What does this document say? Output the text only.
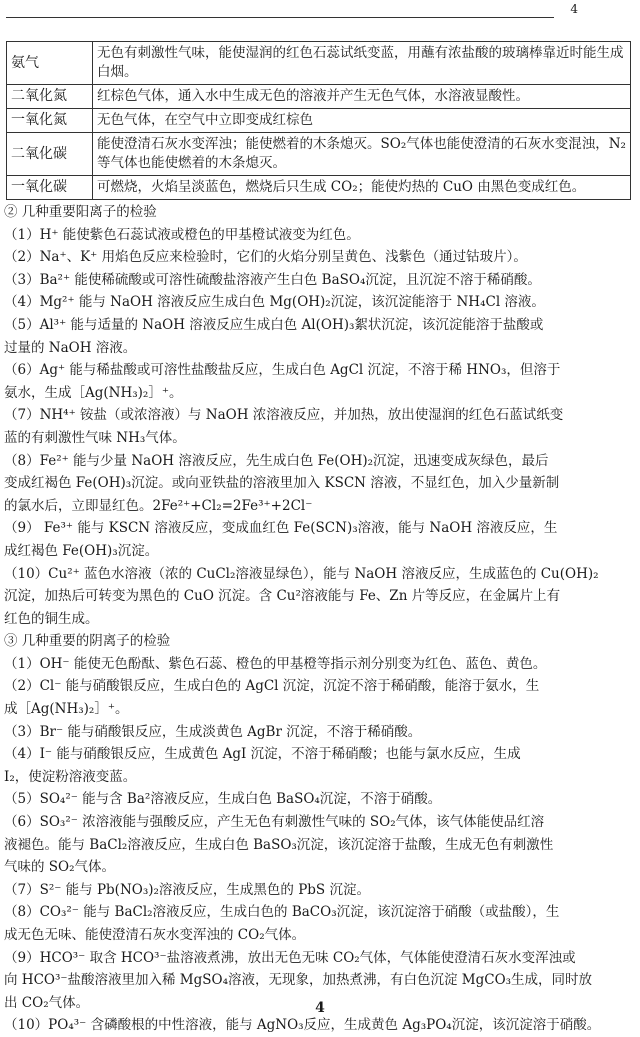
4
氨气	无色有刺激性气味，能使湿润的红色石蕊试纸变蓝，用蘸有浓盐酸的玻璃棒靠近时能生成白烟。
二氧化氮	红棕色气体，通入水中生成无色的溶液并产生无色气体，水溶液显酸性。
一氧化氮	无色气体，在空气中立即变成红棕色
二氧化碳	能使澄清石灰水变浑浊；能使燃着的木条熄灭。SO₂气体也能使澄清的石灰水变混浊，N₂等气体也能使燃着的木条熄灭。
一氧化碳	可燃烧，火焰呈淡蓝色，燃烧后只生成 CO₂；能使灼热的 CuO 由黑色变成红色。

② 几种重要阳离子的检验

（1）H⁺ 能使紫色石蕊试液或橙色的甲基橙试液变为红色。

（2）Na⁺、K⁺ 用焰色反应来检验时，它们的火焰分别呈黄色、浅紫色（通过钴玻片）。

（3）Ba²⁺ 能使稀硫酸或可溶性硫酸盐溶液产生白色 BaSO₄沉淀，且沉淀不溶于稀硝酸。

（4）Mg²⁺ 能与 NaOH 溶液反应生成白色 Mg(OH)₂沉淀，该沉淀能溶于 NH₄Cl 溶液。

（5）Al³⁺ 能与适量的 NaOH 溶液反应生成白色 Al(OH)₃絮状沉淀，该沉淀能溶于盐酸或

过量的 NaOH 溶液。

（6）Ag⁺ 能与稀盐酸或可溶性盐酸盐反应，生成白色 AgCl 沉淀，不溶于稀 HNO₃，但溶于

氨水，生成［Ag(NH₃)₂］⁺。

（7）NH⁴⁺ 铵盐（或浓溶液）与 NaOH 浓溶液反应，并加热，放出使湿润的红色石蓝试纸变

蓝的有刺激性气味 NH₃气体。

（8）Fe²⁺ 能与少量 NaOH 溶液反应，先生成白色 Fe(OH)₂沉淀，迅速变成灰绿色，最后

变成红褐色 Fe(OH)₃沉淀。或向亚铁盐的溶液里加入 KSCN 溶液，不显红色，加入少量新制

的氯水后，立即显红色。2Fe²⁺+Cl₂=2Fe³⁺+2Cl⁻

（9） Fe³⁺ 能与 KSCN 溶液反应，变成血红色 Fe(SCN)₃溶液，能与 NaOH 溶液反应，生

成红褐色 Fe(OH)₃沉淀。

（10）Cu²⁺ 蓝色水溶液（浓的 CuCl₂溶液显绿色），能与 NaOH 溶液反应，生成蓝色的 Cu(OH)₂

沉淀，加热后可转变为黑色的 CuO 沉淀。含 Cu²溶液能与 Fe、Zn 片等反应，在金属片上有

红色的铜生成。

③ 几种重要的阴离子的检验

（1）OH⁻ 能使无色酚酞、紫色石蕊、橙色的甲基橙等指示剂分别变为红色、蓝色、黄色。

（2）Cl⁻ 能与硝酸银反应，生成白色的 AgCl 沉淀，沉淀不溶于稀硝酸，能溶于氨水，生

成［Ag(NH₃)₂］⁺。

（3）Br⁻ 能与硝酸银反应，生成淡黄色 AgBr 沉淀，不溶于稀硝酸。

（4）I⁻ 能与硝酸银反应，生成黄色 AgI 沉淀，不溶于稀硝酸；也能与氯水反应，生成

I₂，使淀粉溶液变蓝。

（5）SO₄²⁻ 能与含 Ba²溶液反应，生成白色 BaSO₄沉淀，不溶于硝酸。

（6）SO₃²⁻ 浓溶液能与强酸反应，产生无色有刺激性气味的 SO₂气体，该气体能使品红溶

液褪色。能与 BaCl₂溶液反应，生成白色 BaSO₃沉淀，该沉淀溶于盐酸，生成无色有刺激性

气味的 SO₂气体。

（7）S²⁻ 能与 Pb(NO₃)₂溶液反应，生成黑色的 PbS 沉淀。

（8）CO₃²⁻ 能与 BaCl₂溶液反应，生成白色的 BaCO₃沉淀，该沉淀溶于硝酸（或盐酸），生

成无色无味、能使澄清石灰水变浑浊的 CO₂气体。

（9）HCO³⁻ 取含 HCO³⁻盐溶液煮沸，放出无色无味 CO₂气体，气体能使澄清石灰水变浑浊或

向 HCO³⁻盐酸溶液里加入稀 MgSO₄溶液，无现象，加热煮沸，有白色沉淀 MgCO₃生成，同时放

出 CO₂气体。

（10）PO₄³⁻ 含磷酸根的中性溶液，能与 AgNO₃反应，生成黄色 Ag₃PO₄沉淀，该沉淀溶于硝酸。

4
